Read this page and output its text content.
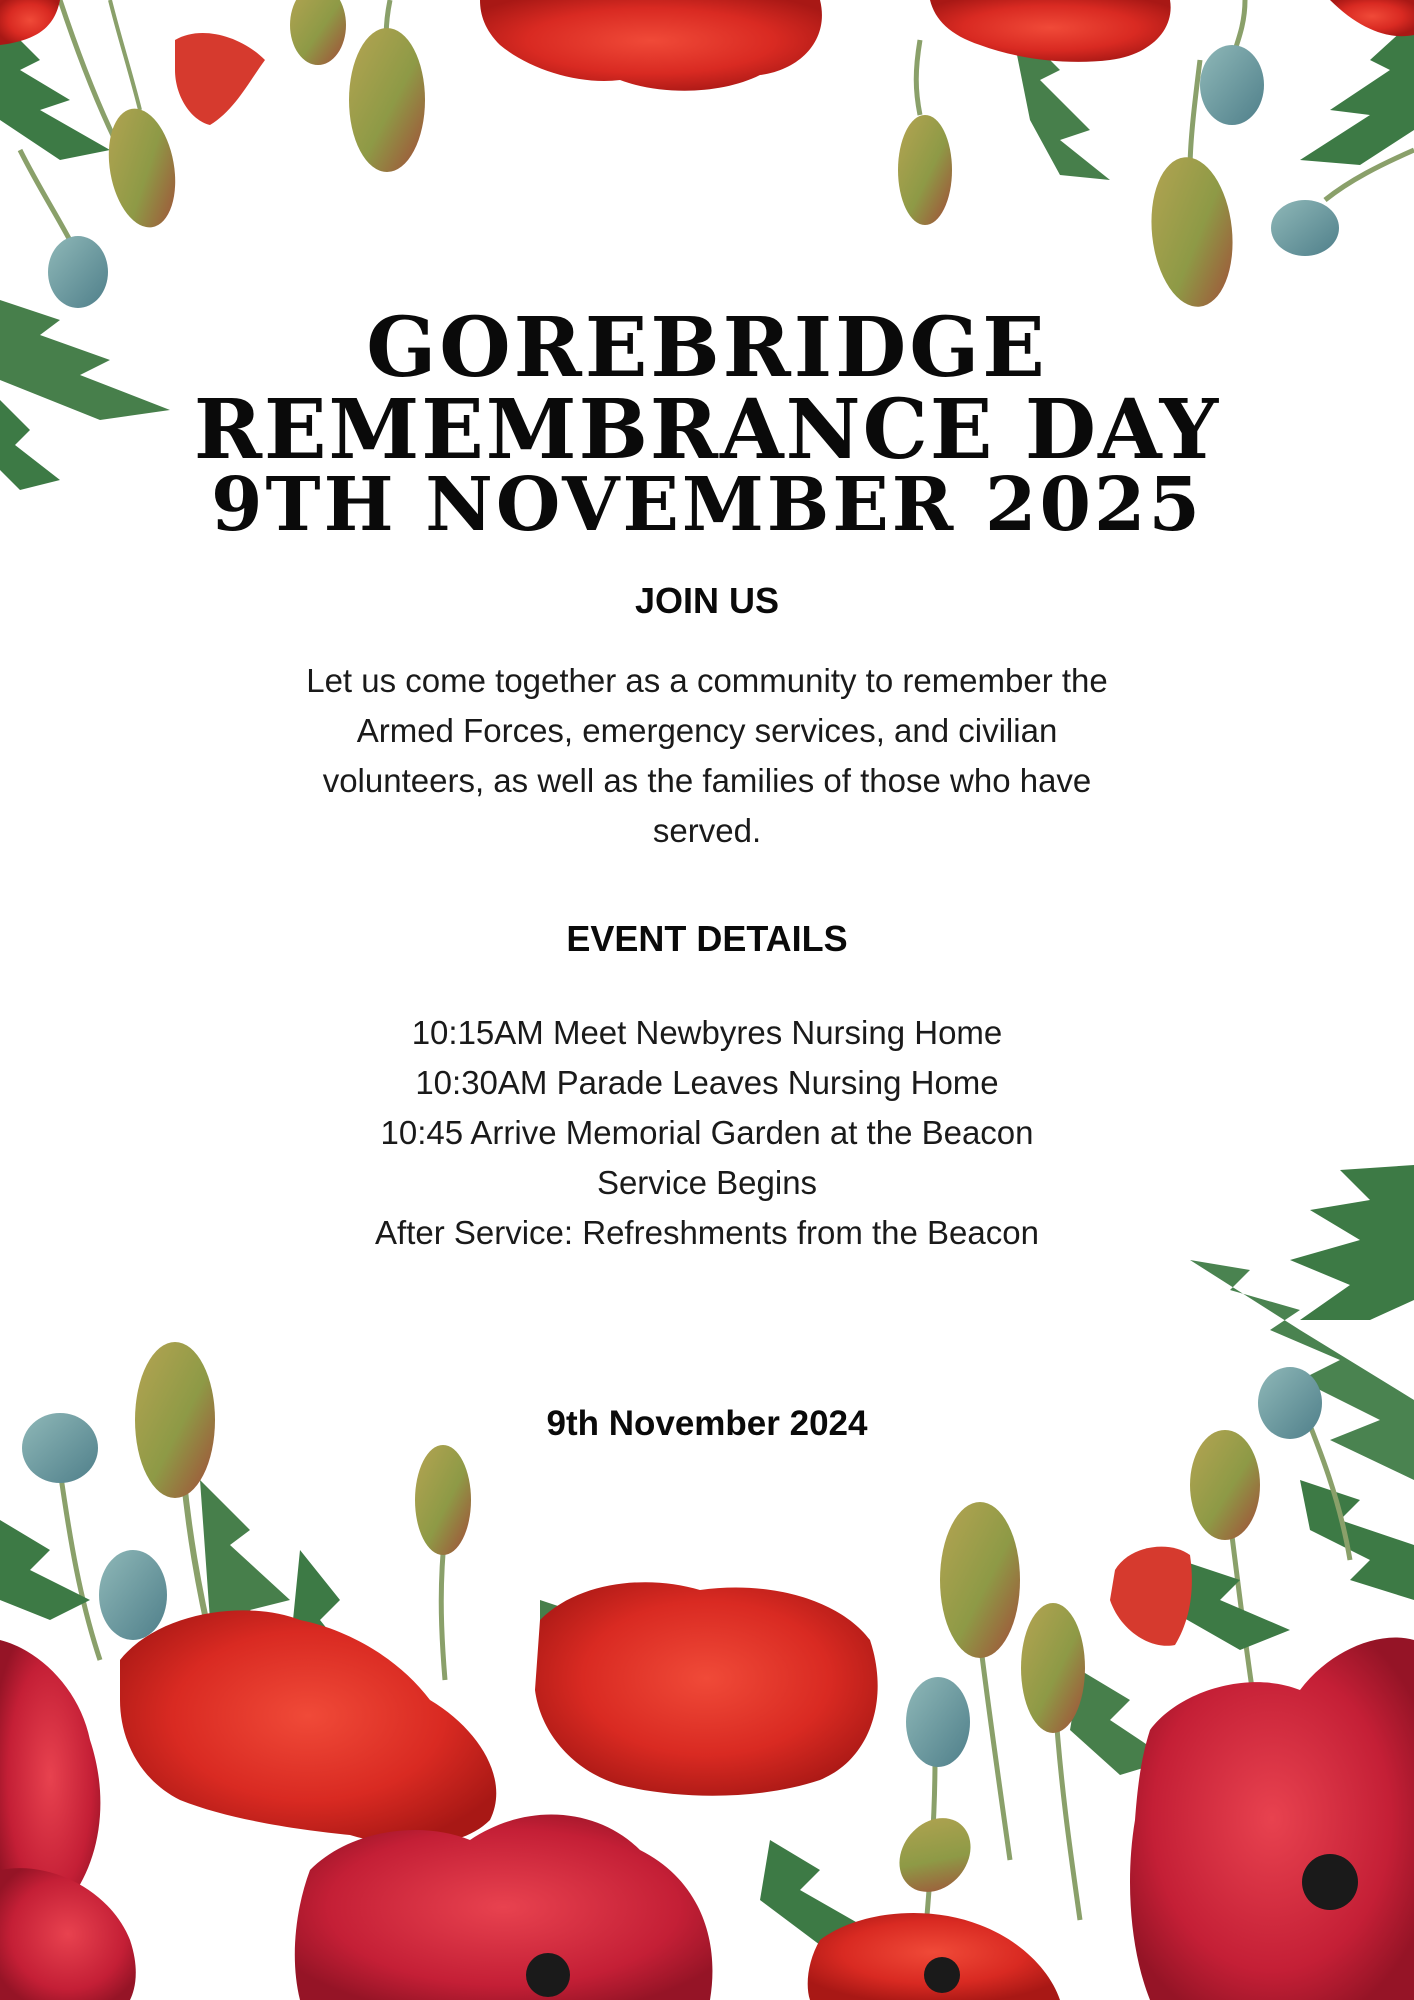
GOREBRIDGE
REMEMBRANCE DAY
9TH NOVEMBER 2025
JOIN US
Let us come together as a community to remember the Armed Forces, emergency services, and civilian volunteers, as well as the families of those who have served.
EVENT DETAILS
10:15AM Meet Newbyres Nursing Home
10:30AM Parade Leaves Nursing Home
10:45 Arrive Memorial Garden at the Beacon
Service Begins
After Service: Refreshments from the Beacon
9th November 2024
